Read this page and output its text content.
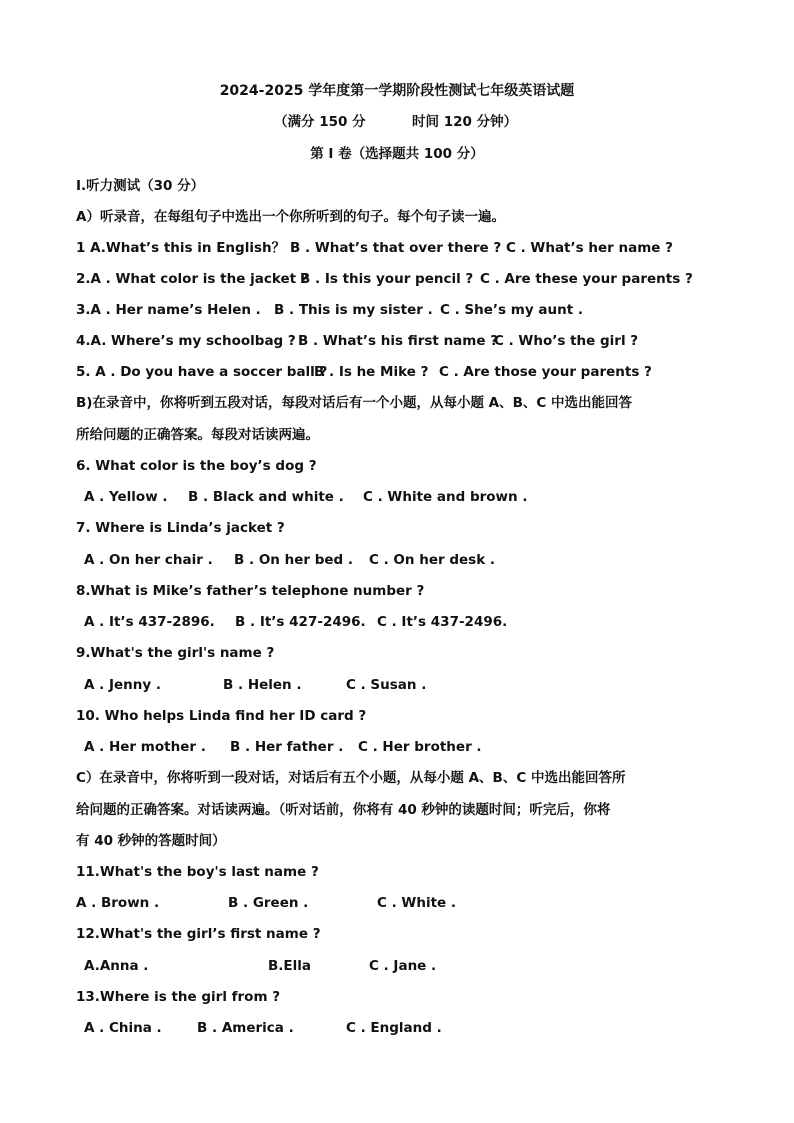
2024-2025 学年度第一学期阶段性测试七年级英语试题
（满分 150 分	时间 120 分钟）
第 Ⅰ 卷（选择题共 100 分）
Ⅰ.听力测试（30 分）
A）听录音，在每组句子中选出一个你所听到的句子。每个句子读一遍。
1 A.What’s this in English？ B . What’s that over there ? C . What’s her name ?
2.A . What color is the jacket ?
B . Is this your pencil ? C . Are these your parents ?
3.A . Her name’s Helen . B . This is my sister . C . She’s my aunt .
4.A. Where’s my schoolbag ? B . What’s his first name ?
C . Who’s the girl ?
5. A . Do you have a soccer ball ?
B . Is he Mike ? C . Are those your parents ?
B)在录音中，你将听到五段对话，每段对话后有一个小题，从每小题 A、B、C 中选出能回答
所给问题的正确答案。每段对话读两遍。
6. What color is the boy’s dog ?
A . Yellow . B . Black and white . C . White and brown .
7. Where is Linda’s jacket ?
A . On her chair . B . On her bed . C . On her desk .
8.What is Mike’s father’s telephone number ?
A . It’s 437-2896. B . It’s 427-2496. C . It’s 437-2496.
9.What's the girl's name ?
A . Jenny .	B . Helen .	C . Susan .
10. Who helps Linda find her ID card ?
A . Her mother . B . Her father . C . Her brother .
C）在录音中，你将听到一段对话，对话后有五个小题，从每小题 A、B、C 中选出能回答所
给问题的正确答案。对话读两遍。（听对话前，你将有 40 秒钟的读题时间；听完后，你将
有 40 秒钟的答题时间）
11.What's the boy's last name ?
A . Brown .	B . Green .	C . White .
12.What's the girl’s first name ?
A.Anna .	B.Ella	C . Jane .
13.Where is the girl from ?
A . China .	B . America .	C . England .
